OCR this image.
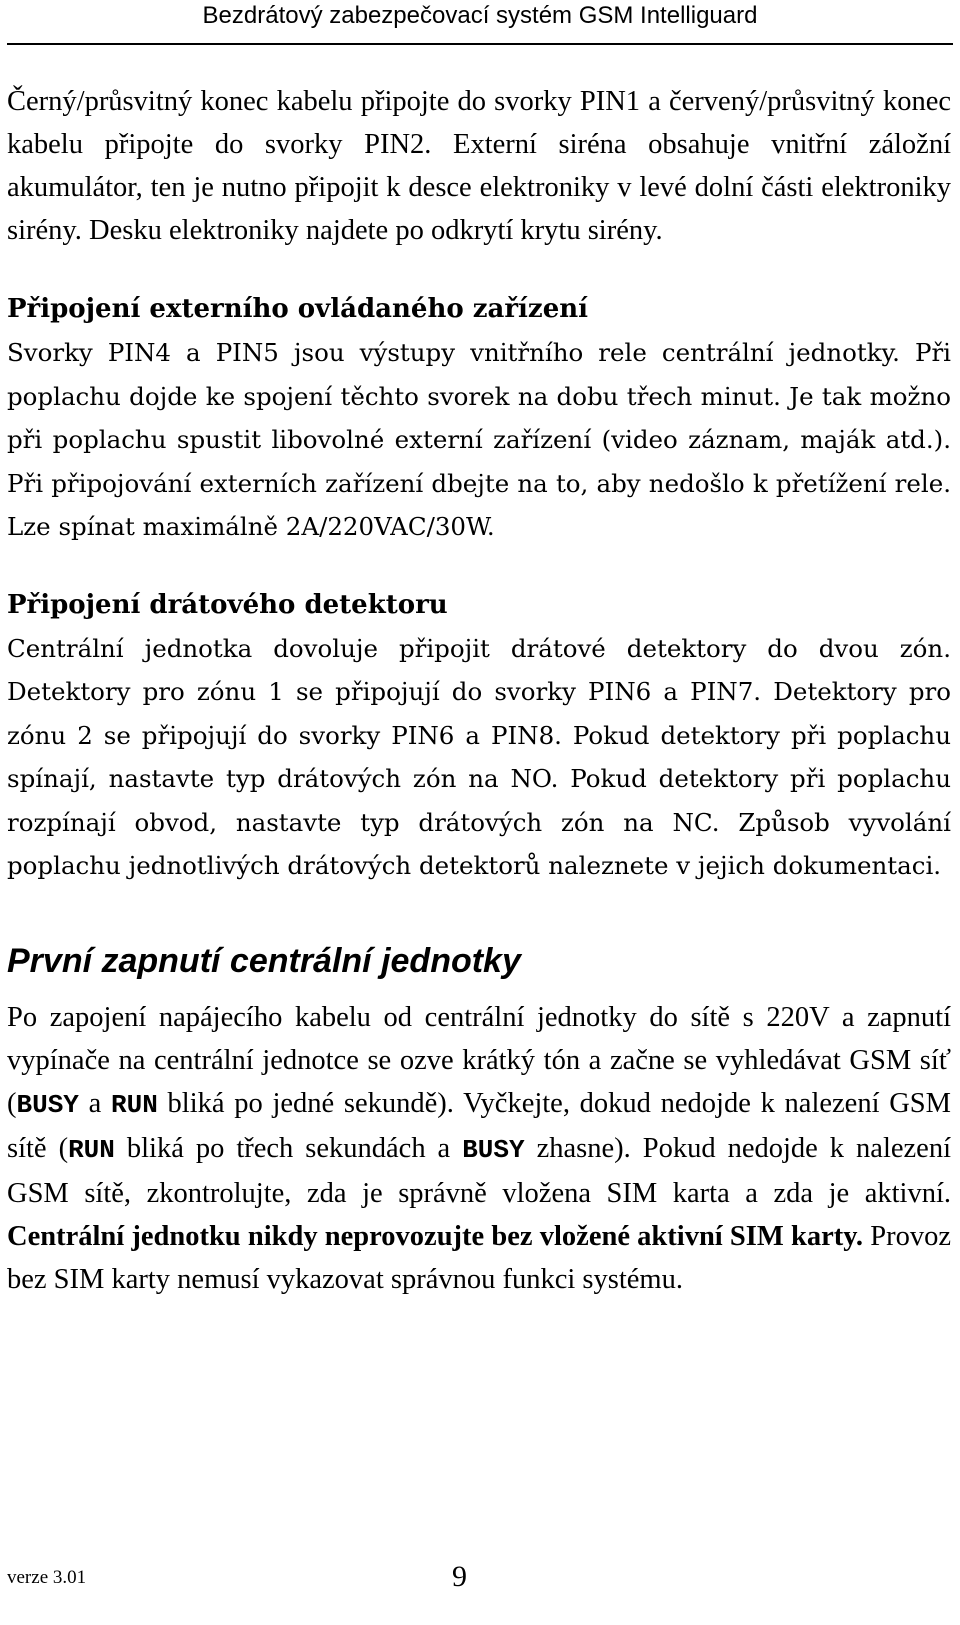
Bezdrátový zabezpečovací systém GSM Intelliguard

Černý/průsvitný konec kabelu připojte do svorky PIN1 a červený/průsvitný konec kabelu připojte do svorky PIN2. Externí siréna obsahuje vnitřní záložní akumulátor, ten je nutno připojit k desce elektroniky v levé dolní části elektroniky sirény. Desku elektroniky najdete po odkrytí krytu sirény.

Připojení externího ovládaného zařízení

Svorky PIN4 a PIN5 jsou výstupy vnitřního rele centrální jednotky. Při poplachu dojde ke spojení těchto svorek na dobu třech minut. Je tak možno při poplachu spustit libovolné externí zařízení (video záznam, maják atd.). Při připojování externích zařízení dbejte na to, aby nedošlo k přetížení rele. Lze spínat maximálně 2A/220VAC/30W.

Připojení drátového detektoru

Centrální jednotka dovoluje připojit drátové detektory do dvou zón. Detektory pro zónu 1 se připojují do svorky PIN6 a PIN7. Detektory pro zónu 2 se připojují do svorky PIN6 a PIN8. Pokud detektory při poplachu spínají, nastavte typ drátových zón na NO. Pokud detektory při poplachu rozpínají obvod, nastavte typ drátových zón na NC. Způsob vyvolání poplachu jednotlivých drátových detektorů naleznete v jejich dokumentaci.

První zapnutí centrální jednotky

Po zapojení napájecího kabelu od centrální jednotky do sítě s 220V a zapnutí vypínače na centrální jednotce se ozve krátký tón a začne se vyhledávat GSM síť (BUSY a RUN bliká po jedné sekundě). Vyčkejte, dokud nedojde k nalezení GSM sítě (RUN bliká po třech sekundách a BUSY zhasne). Pokud nedojde k nalezení GSM sítě, zkontrolujte, zda je správně vložena SIM karta a zda je aktivní. Centrální jednotku nikdy neprovozujte bez vložené aktivní SIM karty. Provoz bez SIM karty nemusí vykazovat správnou funkci systému.

verze 3.01	9
